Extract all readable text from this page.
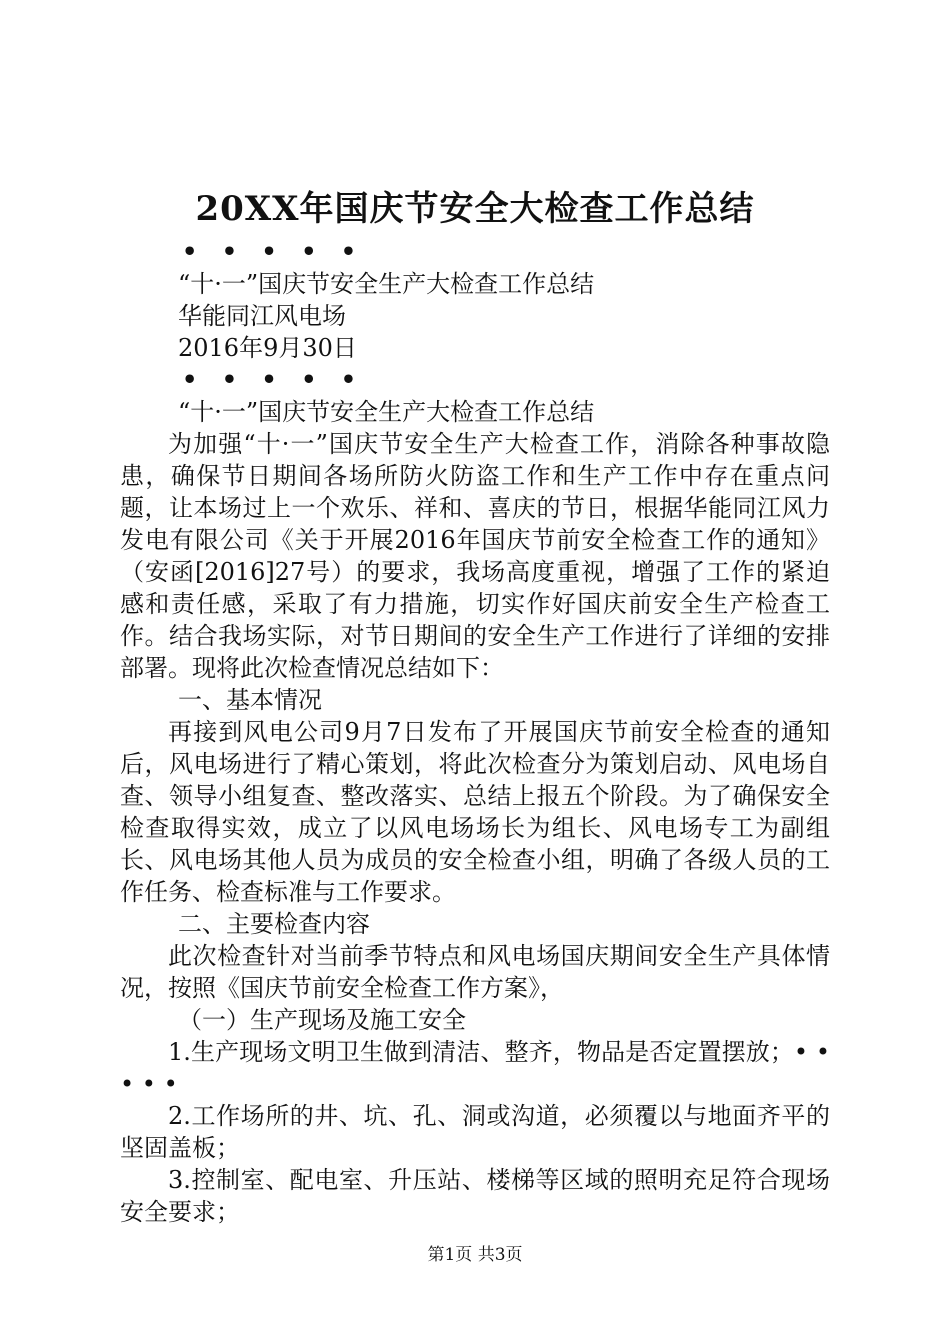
20XX年国庆节安全大检查工作总结

• • • • •

“十·一”国庆节安全生产大检查工作总结

华能同江风电场

2016年9月30日

• • • • •

“十·一”国庆节安全生产大检查工作总结

为加强“十·一”国庆节安全生产大检查工作，消除各种事故隐患，确保节日期间各场所防火防盗工作和生产工作中存在重点问题，让本场过上一个欢乐、祥和、喜庆的节日，根据华能同江风力发电有限公司《关于开展2016年国庆节前安全检查工作的通知》（安函[2016]27号）的要求，我场高度重视，增强了工作的紧迫感和责任感，采取了有力措施，切实作好国庆前安全生产检查工作。结合我场实际，对节日期间的安全生产工作进行了详细的安排部署。现将此次检查情况总结如下：

一、基本情况

再接到风电公司9月7日发布了开展国庆节前安全检查的通知后，风电场进行了精心策划，将此次检查分为策划启动、风电场自查、领导小组复查、整改落实、总结上报五个阶段。为了确保安全检查取得实效，成立了以风电场场长为组长、风电场专工为副组长、风电场其他人员为成员的安全检查小组，明确了各级人员的工作任务、检查标准与工作要求。

二、主要检查内容

此次检查针对当前季节特点和风电场国庆期间安全生产具体情况，按照《国庆节前安全检查工作方案》，

（一）生产现场及施工安全

1.生产现场文明卫生做到清洁、整齐，物品是否定置摆放；• • • • •

2.工作场所的井、坑、孔、洞或沟道，必须覆以与地面齐平的坚固盖板；

3.控制室、配电室、升压站、楼梯等区域的照明充足符合现场安全要求；

第1页 共3页
